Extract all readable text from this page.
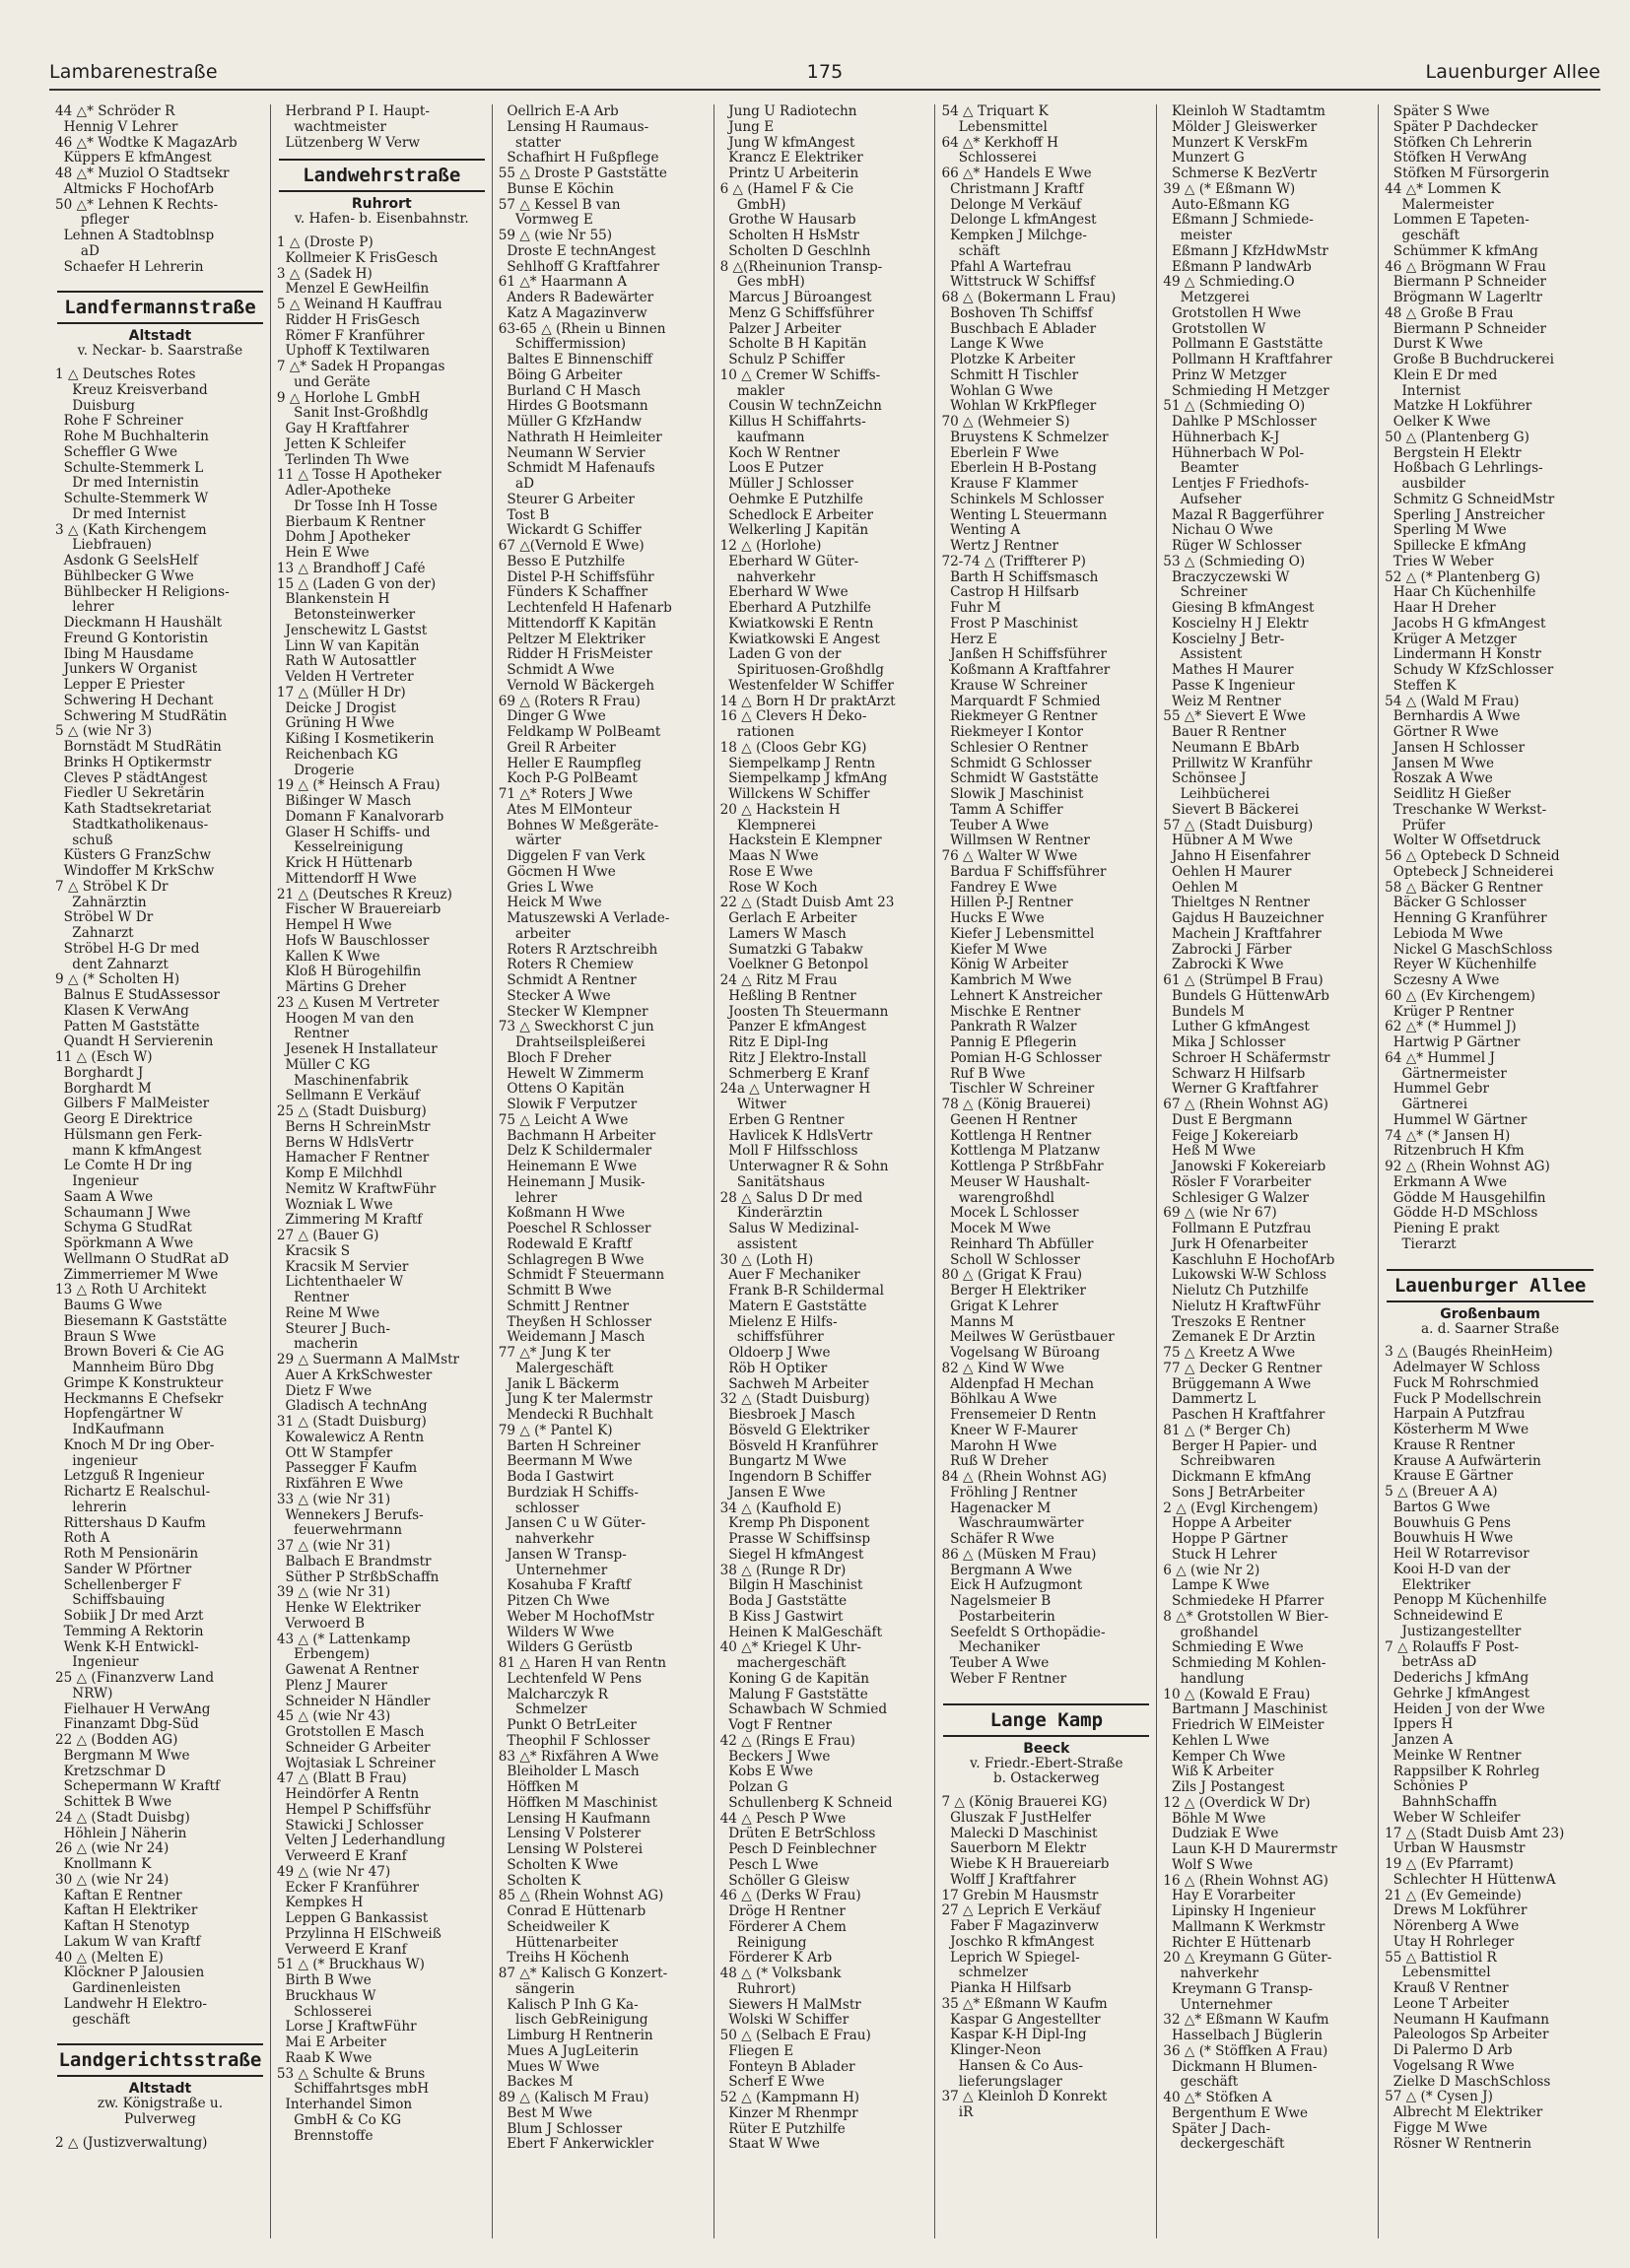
Lambarenestraße	175	Lauenburger Allee
44 △* Schröder R
Hennig V Lehrer
46 △* Wodtke K MagazArb
Küppers E kfmAngest
48 △* Muziol O Stadtsekr
Altmicks F HochofArb
50 △* Lehnen K Rechts-
pfleger
Lehnen A Stadtoblnsp
aD
Schaefer H Lehrerin
Landfermannstraße
Altstadt
v. Neckar- b. Saarstraße
1 △ Deutsches Rotes
Kreuz Kreisverband
Duisburg
Rohe F Schreiner
Rohe M Buchhalterin
Scheffler G Wwe
Schulte-Stemmerk L
Dr med Internistin
Schulte-Stemmerk W
Dr med Internist
3 △ (Kath Kirchengem
Liebfrauen)
Asdonk G SeelsHelf
Bühlbecker G Wwe
Bühlbecker H Religions-
lehrer
Dieckmann H Haushält
Freund G Kontoristin
Ibing M Hausdame
Junkers W Organist
Lepper E Priester
Schwering H Dechant
Schwering M StudRätin
5 △ (wie Nr 3)
Bornstädt M StudRätin
Brinks H Optikermstr
Cleves P städtAngest
Fiedler U Sekretärin
Kath Stadtsekretariat
Stadtkatholikenaus-
schuß
Küsters G FranzSchw
Windoffer M KrkSchw
7 △ Ströbel K Dr
Zahnärztin
Ströbel W Dr
Zahnarzt
Ströbel H-G Dr med
dent Zahnarzt
9 △ (* Scholten H)
Balnus E StudAssessor
Klasen K VerwAng
Patten M Gaststätte
Quandt H Servierenin
11 △ (Esch W)
Borghardt J
Borghardt M
Gilbers F MalMeister
Georg E Direktrice
Hülsmann gen Ferk-
mann K kfmAngest
Le Comte H Dr ing
Ingenieur
Saam A Wwe
Schaumann J Wwe
Schyma G StudRat
Spörkmann A Wwe
Wellmann O StudRat aD
Zimmerriemer M Wwe
13 △ Roth U Architekt
Baums G Wwe
Biesemann K Gaststätte
Braun S Wwe
Brown Boveri & Cie AG
Mannheim Büro Dbg
Grimpe K Konstrukteur
Heckmanns E Chefsekr
Hopfengärtner W
IndKaufmann
Knoch M Dr ing Ober-
ingenieur
Letzguß R Ingenieur
Richartz E Realschul-
lehrerin
Rittershaus D Kaufm
Roth A
Roth M Pensionärin
Sander W Pförtner
Schellenberger F
Schiffsbauing
Sobiik J Dr med Arzt
Temming A Rektorin
Wenk K-H Entwickl-
Ingenieur
25 △ (Finanzverw Land
NRW)
Fielhauer H VerwAng
Finanzamt Dbg-Süd
22 △ (Bodden AG)
Bergmann M Wwe
Kretzschmar D
Schepermann W Kraftf
Schittek B Wwe
24 △ (Stadt Duisbg)
Höhlein J Näherin
26 △ (wie Nr 24)
Knollmann K
30 △ (wie Nr 24)
Kaftan E Rentner
Kaftan H Elektriker
Kaftan H Stenotyp
Lakum W van Kraftf
40 △ (Melten E)
Klöckner P Jalousien
Gardinenleisten
Landwehr H Elektro-
geschäft
Landgerichtsstraße
Altstadt
zw. Königstraße u.
Pulverweg
2 △ (Justizverwaltung)
Herbrand P I. Haupt-
wachtmeister
Lützenberg W Verw
Landwehrstraße
Ruhrort
v. Hafen- b. Eisenbahnstr.
1 △ (Droste P)
Kollmeier K FrisGesch
3 △ (Sadek H)
Menzel E GewHeilfin
5 △ Weinand H Kauffrau
Ridder H FrisGesch
Römer F Kranführer
Uphoff K Textilwaren
7 △* Sadek H Propangas
und Geräte
9 △ Horlohe L GmbH
Sanit Inst-Großhdlg
Gay H Kraftfahrer
Jetten K Schleifer
Terlinden Th Wwe
11 △ Tosse H Apotheker
Adler-Apotheke
Dr Tosse Inh H Tosse
Bierbaum K Rentner
Dohm J Apotheker
Hein E Wwe
13 △ Brandhoff J Café
15 △ (Laden G von der)
Blankenstein H
Betonsteinwerker
Jenschewitz L Gastst
Linn W van Kapitän
Rath W Autosattler
Velden H Vertreter
17 △ (Müller H Dr)
Deicke J Drogist
Grüning H Wwe
Kißing I Kosmetikerin
Reichenbach KG
Drogerie
19 △ (* Heinsch A Frau)
Bißinger W Masch
Domann F Kanalvorarb
Glaser H Schiffs- und
Kesselreinigung
Krick H Hüttenarb
Mittendorff H Wwe
21 △ (Deutsches R Kreuz)
Fischer W Brauereiarb
Hempel H Wwe
Hofs W Bauschlosser
Kallen K Wwe
Kloß H Bürogehilfin
Märtins G Dreher
23 △ Kusen M Vertreter
Hoogen M van den
Rentner
Jesenek H Installateur
Müller C KG
Maschinenfabrik
Sellmann E Verkäuf
25 △ (Stadt Duisburg)
Berns H SchreinMstr
Berns W HdlsVertr
Hamacher F Rentner
Komp E Milchhdl
Nemitz W KraftwFühr
Wozniak L Wwe
Zimmering M Kraftf
27 △ (Bauer G)
Kracsik S
Kracsik M Servier
Lichtenthaeler W
Rentner
Reine M Wwe
Steurer J Buch-
macherin
29 △ Suermann A MalMstr
Auer A KrkSchwester
Dietz F Wwe
Gladisch A technAng
31 △ (Stadt Duisburg)
Kowalewicz A Rentn
Ott W Stampfer
Passegger F Kaufm
Rixfähren E Wwe
33 △ (wie Nr 31)
Wennekers J Berufs-
feuerwehrmann
37 △ (wie Nr 31)
Balbach E Brandmstr
Süther P StrßbSchaffn
39 △ (wie Nr 31)
Henke W Elektriker
Verwoerd B
43 △ (* Lattenkamp
Erbengem)
Gawenat A Rentner
Plenz J Maurer
Schneider N Händler
45 △ (wie Nr 43)
Grotstollen E Masch
Schneider G Arbeiter
Wojtasiak L Schreiner
47 △ (Blatt B Frau)
Heindörfer A Rentn
Hempel P Schiffsführ
Stawicki J Schlosser
Velten J Lederhandlung
Verweerd E Kranf
49 △ (wie Nr 47)
Ecker F Kranführer
Kempkes H
Leppen G Bankassist
Przylinna H ElSchweiß
Verweerd E Kranf
51 △ (* Bruckhaus W)
Birth B Wwe
Bruckhaus W
Schlosserei
Lorse J KraftwFühr
Mai E Arbeiter
Raab K Wwe
53 △ Schulte & Bruns
Schiffahrtsges mbH
Interhandel Simon
GmbH & Co KG
Brennstoffe
Oellrich E-A Arb
Lensing H Raumaus-
statter
Schafhirt H Fußpflege
55 △ Droste P Gaststätte
Bunse E Köchin
57 △ Kessel B van
Vormweg E
59 △ (wie Nr 55)
Droste E technAngest
Sehlhoff G Kraftfahrer
61 △* Haarmann A
Anders R Badewärter
Katz A Magazinverw
63-65 △ (Rhein u Binnen
Schiffermission)
Baltes E Binnenschiff
Böing G Arbeiter
Burland C H Masch
Hirdes G Bootsmann
Müller G KfzHandw
Nathrath H Heimleiter
Neumann W Servier
Schmidt M Hafenaufs
aD
Steurer G Arbeiter
Tost B
Wickardt G Schiffer
67 △(Vernold E Wwe)
Besso E Putzhilfe
Distel P-H Schiffsführ
Fünders K Schaffner
Lechtenfeld H Hafenarb
Mittendorff K Kapitän
Peltzer M Elektriker
Ridder H FrisMeister
Schmidt A Wwe
Vernold W Bäckergeh
69 △ (Roters R Frau)
Dinger G Wwe
Feldkamp W PolBeamt
Greil R Arbeiter
Heller E Raumpfleg
Koch P-G PolBeamt
71 △* Roters J Wwe
Ates M ElMonteur
Bohnes W Meßgeräte-
wärter
Diggelen F van Verk
Göcmen H Wwe
Gries L Wwe
Heick M Wwe
Matuszewski A Verlade-
arbeiter
Roters R Arztschreibh
Roters R Chemiew
Schmidt A Rentner
Stecker A Wwe
Stecker W Klempner
73 △ Sweckhorst C jun
Drahtseilspleißerei
Bloch F Dreher
Hewelt W Zimmerm
Ottens O Kapitän
Slowik F Verputzer
75 △ Leicht A Wwe
Bachmann H Arbeiter
Delz K Schildermaler
Heinemann E Wwe
Heinemann J Musik-
lehrer
Koßmann H Wwe
Poeschel R Schlosser
Rodewald E Kraftf
Schlagregen B Wwe
Schmidt F Steuermann
Schmitt B Wwe
Schmitt J Rentner
Theyßen H Schlosser
Weidemann J Masch
77 △* Jung K ter
Malergeschäft
Janik L Bäckerm
Jung K ter Malermstr
Mendecki R Buchhalt
79 △ (* Pantel K)
Barten H Schreiner
Beermann M Wwe
Boda I Gastwirt
Burdziak H Schiffs-
schlosser
Jansen C u W Güter-
nahverkehr
Jansen W Transp-
Unternehmer
Kosahuba F Kraftf
Pitzen Ch Wwe
Weber M HochofMstr
Wilders W Wwe
Wilders G Gerüstb
81 △ Haren H van Rentn
Lechtenfeld W Pens
Malcharczyk R
Schmelzer
Punkt O BetrLeiter
Theophil F Schlosser
83 △* Rixfähren A Wwe
Bleiholder L Masch
Höffken M
Höffken M Maschinist
Lensing H Kaufmann
Lensing V Polsterer
Lensing W Polsterei
Scholten K Wwe
Scholten K
85 △ (Rhein Wohnst AG)
Conrad E Hüttenarb
Scheidweiler K
Hüttenarbeiter
Treihs H Köchenh
87 △* Kalisch G Konzert-
sängerin
Kalisch P Inh G Ka-
lisch GebReinigung
Limburg H Rentnerin
Mues A JugLeiterin
Mues W Wwe
Backes M
89 △ (Kalisch M Frau)
Best M Wwe
Blum J Schlosser
Ebert F Ankerwickler
Jung U Radiotechn
Jung E
Jung W kfmAngest
Krancz E Elektriker
Printz U Arbeiterin
6 △ (Hamel F & Cie
GmbH)
Grothe W Hausarb
Scholten H HsMstr
Scholten D Geschlnh
8 △(Rheinunion Transp-
Ges mbH)
Marcus J Büroangest
Menz G Schiffsführer
Palzer J Arbeiter
Scholte B H Kapitän
Schulz P Schiffer
10 △ Cremer W Schiffs-
makler
Cousin W technZeichn
Killus H Schiffahrts-
kaufmann
Koch W Rentner
Loos E Putzer
Müller J Schlosser
Oehmke E Putzhilfe
Schedlock E Arbeiter
Welkerling J Kapitän
12 △ (Horlohe)
Eberhard W Güter-
nahverkehr
Eberhard W Wwe
Eberhard A Putzhilfe
Kwiatkowski E Rentn
Kwiatkowski E Angest
Laden G von der
Spirituosen-Großhdlg
Westenfelder W Schiffer
14 △ Born H Dr praktArzt
16 △ Clevers H Deko-
rationen
18 △ (Cloos Gebr KG)
Siempelkamp J Rentn
Siempelkamp J kfmAng
Willckens W Schiffer
20 △ Hackstein H
Klempnerei
Hackstein E Klempner
Maas N Wwe
Rose E Wwe
Rose W Koch
22 △ (Stadt Duisb Amt 23
Gerlach E Arbeiter
Lamers W Masch
Sumatzki G Tabakw
Voelkner G Betonpol
24 △ Ritz M Frau
Heßling B Rentner
Joosten Th Steuermann
Panzer E kfmAngest
Ritz E Dipl-Ing
Ritz J Elektro-Install
Schmerberg E Kranf
24a △ Unterwagner H
Witwer
Erben G Rentner
Havlicek K HdlsVertr
Moll F Hilfsschloss
Unterwagner R & Sohn
Sanitätshaus
28 △ Salus D Dr med
Kinderärztin
Salus W Medizinal-
assistent
30 △ (Loth H)
Auer F Mechaniker
Frank B-R Schildermal
Matern E Gaststätte
Mielenz E Hilfs-
schiffsführer
Oldoerp J Wwe
Röb H Optiker
Sachweh M Arbeiter
32 △ (Stadt Duisburg)
Biesbroek J Masch
Bösveld G Elektriker
Bösveld H Kranführer
Bungartz M Wwe
Ingendorn B Schiffer
Jansen E Wwe
34 △ (Kaufhold E)
Kremp Ph Disponent
Prasse W Schiffsinsp
Siegel H kfmAngest
38 △ (Runge R Dr)
Bilgin H Maschinist
Boda J Gaststätte
B Kiss J Gastwirt
Heinen K MalGeschäft
40 △* Kriegel K Uhr-
machergeschäft
Koning G de Kapitän
Malung F Gaststätte
Schawbach W Schmied
Vogt F Rentner
42 △ (Rings E Frau)
Beckers J Wwe
Kobs E Wwe
Polzan G
Schullenberg K Schneid
44 △ Pesch P Wwe
Drüten E BetrSchloss
Pesch D Feinblechner
Pesch L Wwe
Schöller G Gleisw
46 △ (Derks W Frau)
Dröge H Rentner
Förderer A Chem
Reinigung
Förderer K Arb
48 △ (* Volksbank
Ruhrort)
Siewers H MalMstr
Wolski W Schiffer
50 △ (Selbach E Frau)
Fliegen E
Fonteyn B Ablader
Scherf E Wwe
52 △ (Kampmann H)
Kinzer M Rhenmpr
Rüter E Putzhilfe
Staat W Wwe
54 △ Triquart K
Lebensmittel
64 △* Kerkhoff H
Schlosserei
66 △* Handels E Wwe
Christmann J Kraftf
Delonge M Verkäuf
Delonge L kfmAngest
Kempken J Milchge-
schäft
Pfahl A Wartefrau
Wittstruck W Schiffsf
68 △ (Bokermann L Frau)
Boshoven Th Schiffsf
Buschbach E Ablader
Lange K Wwe
Plotzke K Arbeiter
Schmitt H Tischler
Wohlan G Wwe
Wohlan W KrkPfleger
70 △ (Wehmeier S)
Bruystens K Schmelzer
Eberlein F Wwe
Eberlein H B-Postang
Krause F Klammer
Schinkels M Schlosser
Wenting L Steuermann
Wenting A
Wertz J Rentner
72-74 △ (Triffterer P)
Barth H Schiffsmasch
Castrop H Hilfsarb
Fuhr M
Frost P Maschinist
Herz E
Janßen H Schiffsführer
Koßmann A Kraftfahrer
Krause W Schreiner
Marquardt F Schmied
Riekmeyer G Rentner
Riekmeyer I Kontor
Schlesier O Rentner
Schmidt G Schlosser
Schmidt W Gaststätte
Slowik J Maschinist
Tamm A Schiffer
Teuber A Wwe
Willmsen W Rentner
76 △ Walter W Wwe
Bardua F Schiffsführer
Fandrey E Wwe
Hillen P-J Rentner
Hucks E Wwe
Kiefer J Lebensmittel
Kiefer M Wwe
König W Arbeiter
Kambrich M Wwe
Lehnert K Anstreicher
Mischke E Rentner
Pankrath R Walzer
Pannig E Pflegerin
Pomian H-G Schlosser
Ruf B Wwe
Tischler W Schreiner
78 △ (König Brauerei)
Geenen H Rentner
Kottlenga H Rentner
Kottlenga M Platzanw
Kottlenga P StrßbFahr
Meuser W Haushalt-
warengroßhdl
Mocek L Schlosser
Mocek M Wwe
Reinhard Th Abfüller
Scholl W Schlosser
80 △ (Grigat K Frau)
Berger H Elektriker
Grigat K Lehrer
Manns M
Meilwes W Gerüstbauer
Vogelsang W Büroang
82 △ Kind W Wwe
Aldenpfad H Mechan
Böhlkau A Wwe
Frensemeier D Rentn
Kneer W F-Maurer
Marohn H Wwe
Ruß W Dreher
84 △ (Rhein Wohnst AG)
Fröhling J Rentner
Hagenacker M
Waschraumwärter
Schäfer R Wwe
86 △ (Müsken M Frau)
Bergmann A Wwe
Eick H Aufzugmont
Nagelsmeier B
Postarbeiterin
Seefeldt S Orthopädie-
Mechaniker
Teuber A Wwe
Weber F Rentner
Lange Kamp
Beeck
v. Friedr.-Ebert-Straße
b. Ostackerweg
7 △ (König Brauerei KG)
Gluszak F JustHelfer
Malecki D Maschinist
Sauerborn M Elektr
Wiebe K H Brauereiarb
Wolff J Kraftfahrer
17 Grebin M Hausmstr
27 △ Leprich E Verkäuf
Faber F Magazinverw
Joschko R kfmAngest
Leprich W Spiegel-
schmelzer
Pianka H Hilfsarb
35 △* Eßmann W Kaufm
Kaspar G Angestellter
Kaspar K-H Dipl-Ing
Klinger-Neon
Hansen & Co Aus-
lieferungslager
37 △ Kleinloh D Konrekt
iR
Kleinloh W Stadtamtm
Mölder J Gleiswerker
Munzert K VerskFm
Munzert G
Schmerse K BezVertr
39 △ (* Eßmann W)
Auto-Eßmann KG
Eßmann J Schmiede-
meister
Eßmann J KfzHdwMstr
Eßmann P landwArb
49 △ Schmieding.O
Metzgerei
Grotstollen H Wwe
Grotstollen W
Pollmann E Gaststätte
Pollmann H Kraftfahrer
Prinz W Metzger
Schmieding H Metzger
51 △ (Schmieding O)
Dahlke P MSchlosser
Hühnerbach K-J
Hühnerbach W Pol-
Beamter
Lentjes F Friedhofs-
Aufseher
Mazal R Baggerführer
Nichau O Wwe
Rüger W Schlosser
53 △ (Schmieding O)
Braczyczewski W
Schreiner
Giesing B kfmAngest
Koscielny H J Elektr
Koscielny J Betr-
Assistent
Mathes H Maurer
Passe K Ingenieur
Weiz M Rentner
55 △* Sievert E Wwe
Bauer R Rentner
Neumann E BbArb
Prillwitz W Kranführ
Schönsee J
Leihbücherei
Sievert B Bäckerei
57 △ (Stadt Duisburg)
Hübner A M Wwe
Jahno H Eisenfahrer
Oehlen H Maurer
Oehlen M
Thieltges N Rentner
Gajdus H Bauzeichner
Machein J Kraftfahrer
Zabrocki J Färber
Zabrocki K Wwe
61 △ (Strümpel B Frau)
Bundels G HüttenwArb
Bundels M
Luther G kfmAngest
Mika J Schlosser
Schroer H Schäfermstr
Schwarz H Hilfsarb
Werner G Kraftfahrer
67 △ (Rhein Wohnst AG)
Dust E Bergmann
Feige J Kokereiarb
Heß M Wwe
Janowski F Kokereiarb
Rösler F Vorarbeiter
Schlesiger G Walzer
69 △ (wie Nr 67)
Follmann E Putzfrau
Jurk H Ofenarbeiter
Kaschluhn E HochofArb
Lukowski W-W Schloss
Nielutz Ch Putzhilfe
Nielutz H KraftwFühr
Treszoks E Rentner
Zemanek E Dr Ärztin
75 △ Kreetz A Wwe
77 △ Decker G Rentner
Brüggemann A Wwe
Dammertz L
Paschen H Kraftfahrer
81 △ (* Berger Ch)
Berger H Papier- und
Schreibwaren
Dickmann E kfmAng
Sons J BetrArbeiter
2 △ (Evgl Kirchengem)
Hoppe A Arbeiter
Hoppe P Gärtner
Stuck H Lehrer
6 △ (wie Nr 2)
Lampe K Wwe
Schmiedeke H Pfarrer
8 △* Grotstollen W Bier-
großhandel
Schmieding E Wwe
Schmieding M Kohlen-
handlung
10 △ (Kowald E Frau)
Bartmann J Maschinist
Friedrich W ElMeister
Kehlen L Wwe
Kemper Ch Wwe
Wiß K Arbeiter
Zils J Postangest
12 △ (Overdick W Dr)
Böhle M Wwe
Dudziak E Wwe
Laun K-H D Maurermstr
Wolf S Wwe
16 △ (Rhein Wohnst AG)
Hay E Vorarbeiter
Lipinsky H Ingenieur
Mallmann K Werkmstr
Richter E Hüttenarb
20 △ Kreymann G Güter-
nahverkehr
Kreymann G Transp-
Unternehmer
32 △* Eßmann W Kaufm
Hasselbach J Büglerin
36 △ (* Stöffken A Frau)
Dickmann H Blumen-
geschäft
40 △* Stöfken A
Bergenthum E Wwe
Später J Dach-
deckergeschäft
Später S Wwe
Später P Dachdecker
Stöfken Ch Lehrerin
Stöfken H VerwAng
Stöfken M Fürsorgerin
44 △* Lommen K
Malermeister
Lommen E Tapeten-
geschäft
Schümmer K kfmAng
46 △ Brögmann W Frau
Biermann P Schneider
Brögmann W Lagerltr
48 △ Große B Frau
Biermann P Schneider
Durst K Wwe
Große B Buchdruckerei
Klein E Dr med
Internist
Matzke H Lokführer
Oelker K Wwe
50 △ (Plantenberg G)
Bergstein H Elektr
Hoßbach G Lehrlings-
ausbilder
Schmitz G SchneidMstr
Sperling J Anstreicher
Sperling M Wwe
Spillecke E kfmAng
Tries W Weber
52 △ (* Plantenberg G)
Haar Ch Küchenhilfe
Haar H Dreher
Jacobs H G kfmAngest
Krüger A Metzger
Lindermann H Konstr
Schudy W KfzSchlosser
Steffen K
54 △ (Wald M Frau)
Bernhardis A Wwe
Görtner R Wwe
Jansen H Schlosser
Jansen M Wwe
Roszak A Wwe
Seidlitz H Gießer
Treschanke W Werkst-
Prüfer
Wolter W Offsetdruck
56 △ Optebeck D Schneid
Optebeck J Schneiderei
58 △ Bäcker G Rentner
Bäcker G Schlosser
Henning G Kranführer
Lebioda M Wwe
Nickel G MaschSchloss
Reyer W Küchenhilfe
Sczesny A Wwe
60 △ (Ev Kirchengem)
Krüger P Rentner
62 △* (* Hummel J)
Hartwig P Gärtner
64 △* Hummel J
Gärtnermeister
Hummel Gebr
Gärtnerei
Hummel W Gärtner
74 △* (* Jansen H)
Ritzenbruch H Kfm
92 △ (Rhein Wohnst AG)
Erkmann A Wwe
Gödde M Hausgehilfin
Gödde H-D MSchloss
Piening E prakt
Tierarzt
Lauenburger Allee
Großenbaum
a. d. Saarner Straße
3 △ (Baugés RheinHeim)
Adelmayer W Schloss
Fuck M Rohrschmied
Fuck P Modellschrein
Harpain A Putzfrau
Kösterherm M Wwe
Krause R Rentner
Krause A Aufwärterin
Krause E Gärtner
5 △ (Breuer A A)
Bartos G Wwe
Bouwhuis G Pens
Bouwhuis H Wwe
Heil W Rotarrevisor
Kooi H-D van der
Elektriker
Penopp M Küchenhilfe
Schneidewind E
Justizangestellter
7 △ Rolauffs F Post-
betrAss aD
Dederichs J kfmAng
Gehrke J kfmAngest
Heiden J von der Wwe
Ippers H
Janzen A
Meinke W Rentner
Rappsilber K Rohrleg
Schönies P
BahnhSchaffn
Weber W Schleifer
17 △ (Stadt Duisb Amt 23)
Urban W Hausmstr
19 △ (Ev Pfarramt)
Schlechter H HüttenwA
21 △ (Ev Gemeinde)
Drews M Lokführer
Nörenberg A Wwe
Utay H Rohrleger
55 △ Battistiol R
Lebensmittel
Krauß V Rentner
Leone T Arbeiter
Neumann H Kaufmann
Paleologos Sp Arbeiter
Di Palermo D Arb
Vogelsang R Wwe
Zielke D MaschSchloss
57 △ (* Cysen J)
Albrecht M Elektriker
Figge M Wwe
Rösner W Rentnerin
